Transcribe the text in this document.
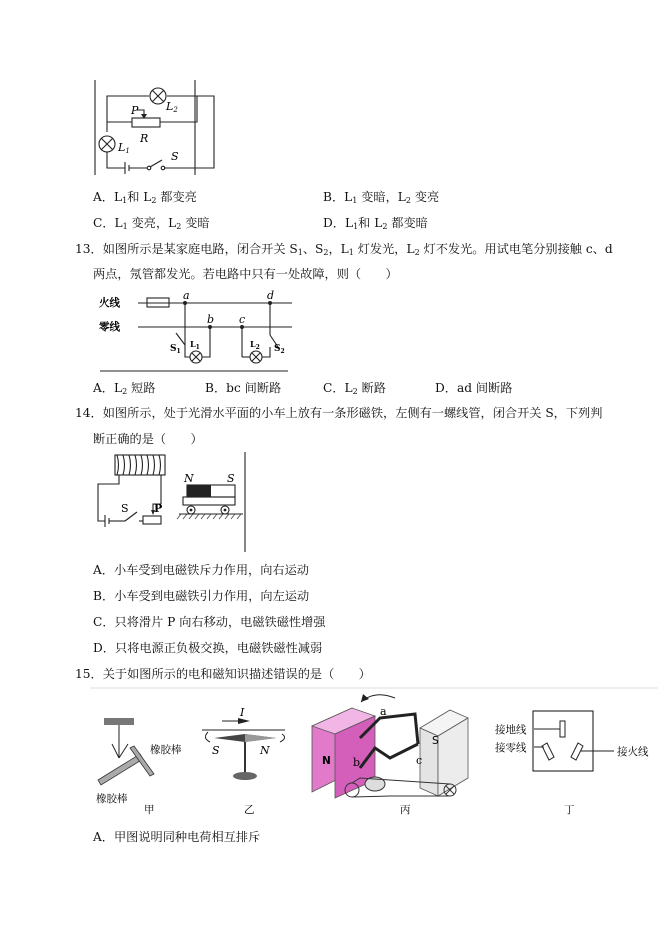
L2
P
R
L1	S
A．$L_1$和 $L_2$ 都变亮	B．$L_1$ 变暗，$L_2$ 变亮
C．$L_1$ 变亮，$L_2$ 变暗	D．$L_1$和 $L_2$ 都变暗
13．如图所示是某家庭电路，闭合开关 $S_1$、$S_2$，$L_1$ 灯发光，$L_2$ 灯不发光。用试电笔分别接触 c、d
两点，氖管都发光。若电路中只有一处故障，则（　　）
火线
零线
a
b c
d
$S_1$
$L_1$	$L_2$ $S_2$
A．$L_2$ 短路	B．bc 间断路	C．$L_2$ 断路	D．ad 间断路
14．如图所示，处于光滑水平面的小车上放有一条形磁铁，左侧有一螺线管，闭合开关 S，下列判
断正确的是（　　）
N	S
S P
A．小车受到电磁铁斥力作用，向右运动
B．小车受到电磁铁引力作用，向左运动
C．只将滑片 P 向右移动，电磁铁磁性增强
D．只将电源正负极交换，电磁铁磁性减弱
15．关于如图所示的电和磁知识描述错误的是（　　）
橡胶棒
橡胶棒
I
S	N
N
S
a
b	c
接地线
接零线	接火线
甲	乙	丙	丁
A．甲图说明同种电荷相互排斥
